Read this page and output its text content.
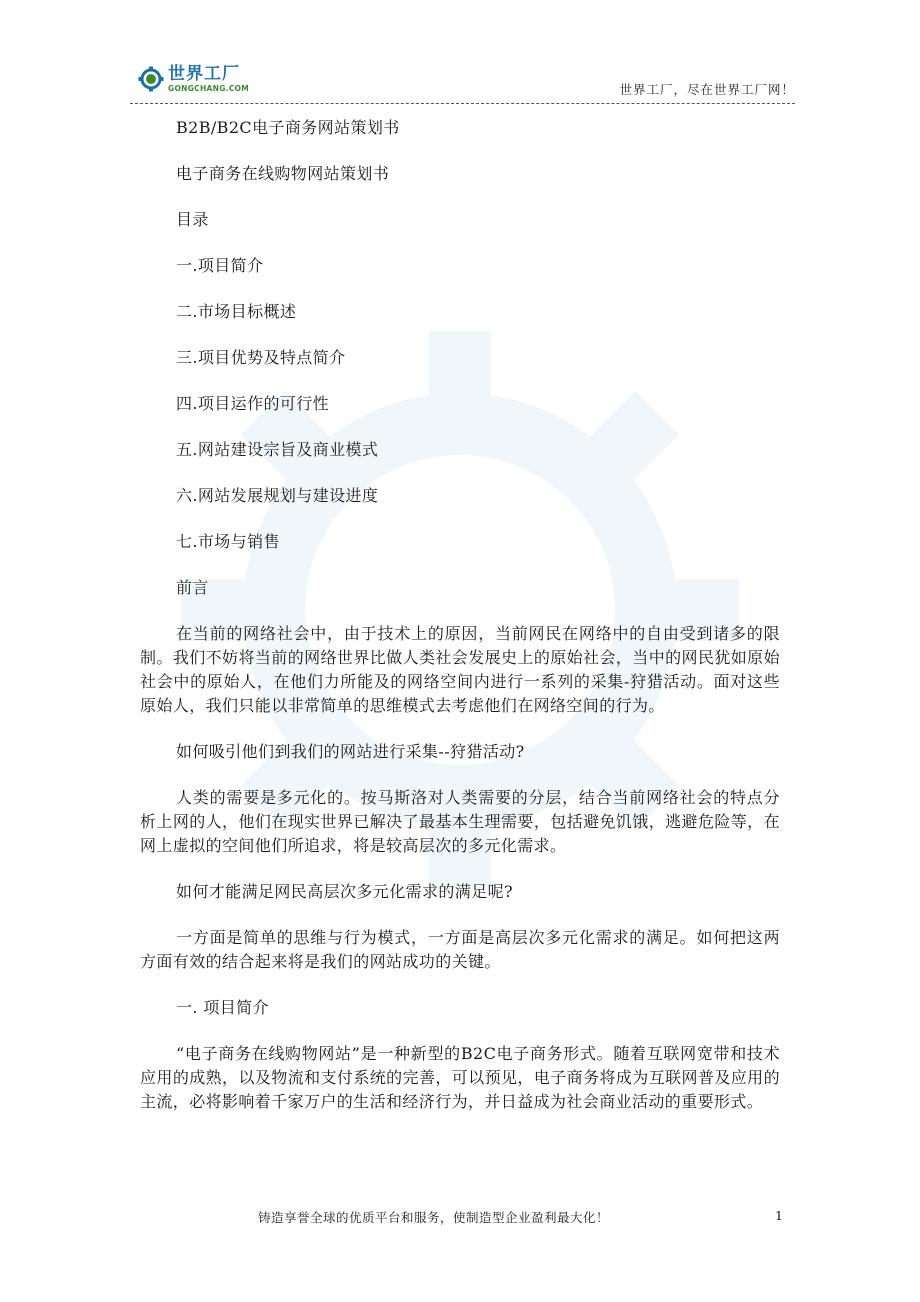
世界工厂
GONGCHANG.COM	世界工厂，尽在世界工厂网！

B2B/B2C电子商务网站策划书

电子商务在线购物网站策划书

目录

一.项目简介

二.市场目标概述

三.项目优势及特点简介

四.项目运作的可行性

五.网站建设宗旨及商业模式

六.网站发展规划与建设进度

七.市场与销售

前言

在当前的网络社会中，由于技术上的原因，当前网民在网络中的自由受到诸多的限制。我们不妨将当前的网络世界比做人类社会发展史上的原始社会，当中的网民犹如原始社会中的原始人，在他们力所能及的网络空间内进行一系列的采集-狩猎活动。面对这些原始人，我们只能以非常简单的思维模式去考虑他们在网络空间的行为。

如何吸引他们到我们的网站进行采集--狩猎活动?

人类的需要是多元化的。按马斯洛对人类需要的分层，结合当前网络社会的特点分析上网的人，他们在现实世界已解决了最基本生理需要，包括避免饥饿，逃避危险等，在网上虚拟的空间他们所追求，将是较高层次的多元化需求。

如何才能满足网民高层次多元化需求的满足呢?

一方面是简单的思维与行为模式，一方面是高层次多元化需求的满足。如何把这两方面有效的结合起来将是我们的网站成功的关键。

一. 项目简介

“电子商务在线购物网站”是一种新型的B2C电子商务形式。随着互联网宽带和技术应用的成熟，以及物流和支付系统的完善，可以预见，电子商务将成为互联网普及应用的主流，必将影响着千家万户的生活和经济行为，并日益成为社会商业活动的重要形式。

铸造享誉全球的优质平台和服务，使制造型企业盈利最大化！	1
